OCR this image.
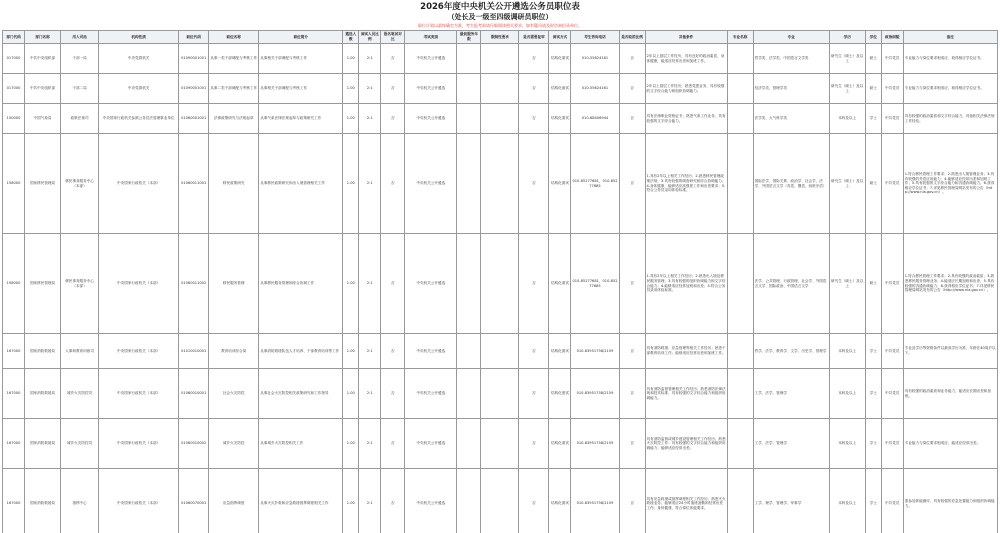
2026年度中央机关公开遴选公务员职位表
（处长及一级至四级调研员职位）
职位计划以最终确定为准，考生报考前请仔细阅读相关要求，如有疑问请及时咨询招录单位。
部门代码	部门名称	用人司局	机构性质	职位代码	职位名称	职位简介	遴选人数	面试人员比例	报名笔试对比	考试类别	最低服务年限	限制性要求	是否需要复审	面试方式	考生咨询电话	是否取消比例	其他条件	专业名称	专业	学历	学位	政治面貌	备注
017000	中共中央组织部	干部一局	中央党群机关	01090001001	从事一类干部调配与考核工作	从事相关干部调配与考核工作	1.00	2:1	否	中央机关公开遴选			否	结构化面试	010-55624161	否	2年以上基层工作经历；具有良好的政治素质，身体健康，能适应经常出差和加班工作。		哲学类、法学类、中国语言文学类	研究生（硕士）及以上	硕士	中共党员	专业能力与岗位要求相适应，取得相应学位证书。
017000	中共中央组织部	干部二局	中央党群机关	01090001001	从事二类干部调配与考核工作	从事相关干部调配与考核工作	1.00	2:1	否	中央机关公开遴选			否	结构化面试	010-55624161	否	2年以上基层工作经历；熟悉党建业务，具有较强的文字综合能力和组织协调能力。		经济学类、管理学类	研究生（硕士）及以上	硕士	中共党员	专业能力与岗位要求相适应，取得相应学位证书。
150000	中国气象局	政策法规司	中央国家行政机关参照公务员法管理事业单位	01060001001	法律政策研究与法规起草	从事气象法律法规起草与政策研究工作	1.00	2:1	否	中央机关公开遴选			否	结构化面试	010-68406944	否	具有法律职业资格证书；熟悉气象工作业务，具有较强的文字综合能力。		法学类、大气科学类	本科及以上	学士	中共党员	具有较强的政治素质和文字综合能力，具备相关法律法规工作经验。
158000	国家移民管理局	移民事务服务中心（本部）	中央国家行政机关（本部）	01060011001	移民政策研究	从事移民政策研究和出入境管理相关工作	1.00	2:1	否	中央机关公开遴选			否	结构化面试	010-85277681，010-85277685	否	1.具有2年以上相关工作经历；2.熟悉移民管理政策法规；3.具有较强的调查研究和综合协调能力；4.身体健康，能够适应高强度工作和出差要求；5.符合公务员录用体检标准。		国际法学、国际关系、政治学、社会学、法学、外国语言文学（英语、俄语、西班牙语）	研究生（硕士）及以上	硕士	中共党员	1.符合移民管理工作要求；2.熟悉出入境管理业务；3.具有较强的外语应用能力；4.能够适应经常出差和加班工作；5.具有较强的文字综合能力和沟通协调能力；6.获得相应学位证书；7.详见移民管理局网站发布的公告（http://www.nia.gov.cn）。
158000	国家移民管理局	移民事务服务中心（本部）	中央国家行政机关（本部）	01060011002	移民服务管理	从事移民服务管理和综合协调工作	1.00	2:1	否	中央机关公开遴选			否	结构化面试	010-85277681，010-85277685	否	1.具有2年以上相关工作经历；2.熟悉出入境及移民服务管理；3.具有较强的组织协调能力和文字综合能力；4.能够适应经常加班和出差；5.符合公务员录用体检标准。		法学、公共管理、行政管理、社会学、外国语言文学、国际政治、中国语言文学	研究生（硕士）及以上	硕士	中共党员	1.符合移民管理工作要求；2.具有较强的政治素质；3.熟悉移民服务管理业务；4.能适应长期加班和出差；5.具有较强的沟通协调能力；6.获得相应学位证书；7.详见移民管理局网站发布的公告（http://www.nia.gov.cn）。
167000	国家消防救援局	人事和教育训练司	中央国家行政机关（本部）	01010010001	教育培训综合岗	从事消防救援队伍人才培养、干部教育培训等工作	1.00	2:1	否	中央机关公开遴选			否	结构化面试	010-83951758/2159	否	具有消防救援、应急管理等相关工作经历；熟悉干部教育培训工作；能够适应经常出差和加班工作。		哲学、法学、教育学、文学、历史学、管理学	本科及以上	学士	中共党员	专业及学历等资格条件以最高学历为准，年龄在40周岁以下。
167000	国家消防救援局	城乡火灾防控司	中央国家行政机关（本部）	01060010001	社会火灾防控	从事社会火灾防控相关政策研究和工作指导	1.00	2:1	否	中央机关公开遴选			否	结构化面试	010-83951758/2159	否	具有消防监督管理相关工作经历；熟悉消防法律法规和技术标准；具有较强的文字综合能力和组织协调能力。		工学、法学、管理学	本科及以上	学士	中共党员	具有较强的政治素质和业务能力，能适应长期出差和加班。
167000	国家消防救援局	城乡火灾防控司	中央国家行政机关（本部）	01060010002	城乡火灾防控	从事城乡火灾防控相关工作	1.00	2:1	否	中央机关公开遴选			否	结构化面试	010-83951758/2159	否	具有消防监督或城乡建设管理相关工作经历；熟悉火灾防控工作；具有较强的文字综合能力和组织协调能力；能够适应经常出差。		工学、法学、管理学	本科及以上	学士	中共党员	专业能力与岗位要求相适应，能适应经常出差。
167000	国家消防救援局	指挥中心	中央国家行政机关（本部）	01060070001	应急指挥调度	从事火灾扑救和应急救援指挥调度相关工作	1.00	2:1	否	中央机关公开遴选			否	结构化面试	010-83951758/2159	否	具有应急救援或指挥调度相关工作经历；熟悉灭火救援业务；能够适应24小时值班备勤和经常出差工作；身体健康，符合岗位体能要求。		工学、理学、管理学、军事学	本科及以上	学士	中共党员	需参加体能测评，具有较强的应急处置能力和组织协调能力。
